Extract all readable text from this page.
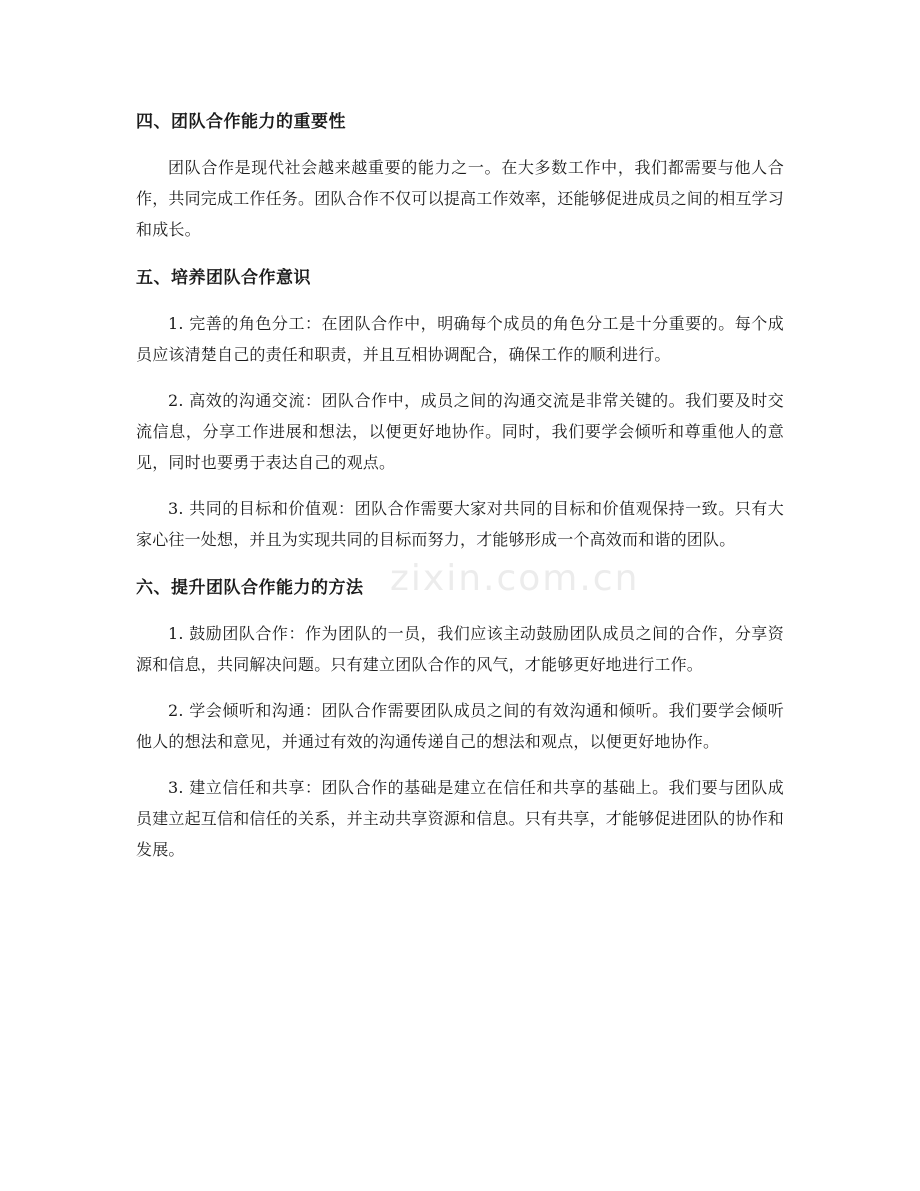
四、团队合作能力的重要性

团队合作是现代社会越来越重要的能力之一。在大多数工作中，我们都需要与他人合作，共同完成工作任务。团队合作不仅可以提高工作效率，还能够促进成员之间的相互学习和成长。

五、培养团队合作意识

1. 完善的角色分工：在团队合作中，明确每个成员的角色分工是十分重要的。每个成员应该清楚自己的责任和职责，并且互相协调配合，确保工作的顺利进行。

2. 高效的沟通交流：团队合作中，成员之间的沟通交流是非常关键的。我们要及时交流信息，分享工作进展和想法，以便更好地协作。同时，我们要学会倾听和尊重他人的意见，同时也要勇于表达自己的观点。

3. 共同的目标和价值观：团队合作需要大家对共同的目标和价值观保持一致。只有大家心往一处想，并且为实现共同的目标而努力，才能够形成一个高效而和谐的团队。

六、提升团队合作能力的方法

1. 鼓励团队合作：作为团队的一员，我们应该主动鼓励团队成员之间的合作，分享资源和信息，共同解决问题。只有建立团队合作的风气，才能够更好地进行工作。

2. 学会倾听和沟通：团队合作需要团队成员之间的有效沟通和倾听。我们要学会倾听他人的想法和意见，并通过有效的沟通传递自己的想法和观点，以便更好地协作。

3. 建立信任和共享：团队合作的基础是建立在信任和共享的基础上。我们要与团队成员建立起互信和信任的关系，并主动共享资源和信息。只有共享，才能够促进团队的协作和发展。

zixin.com.cn
